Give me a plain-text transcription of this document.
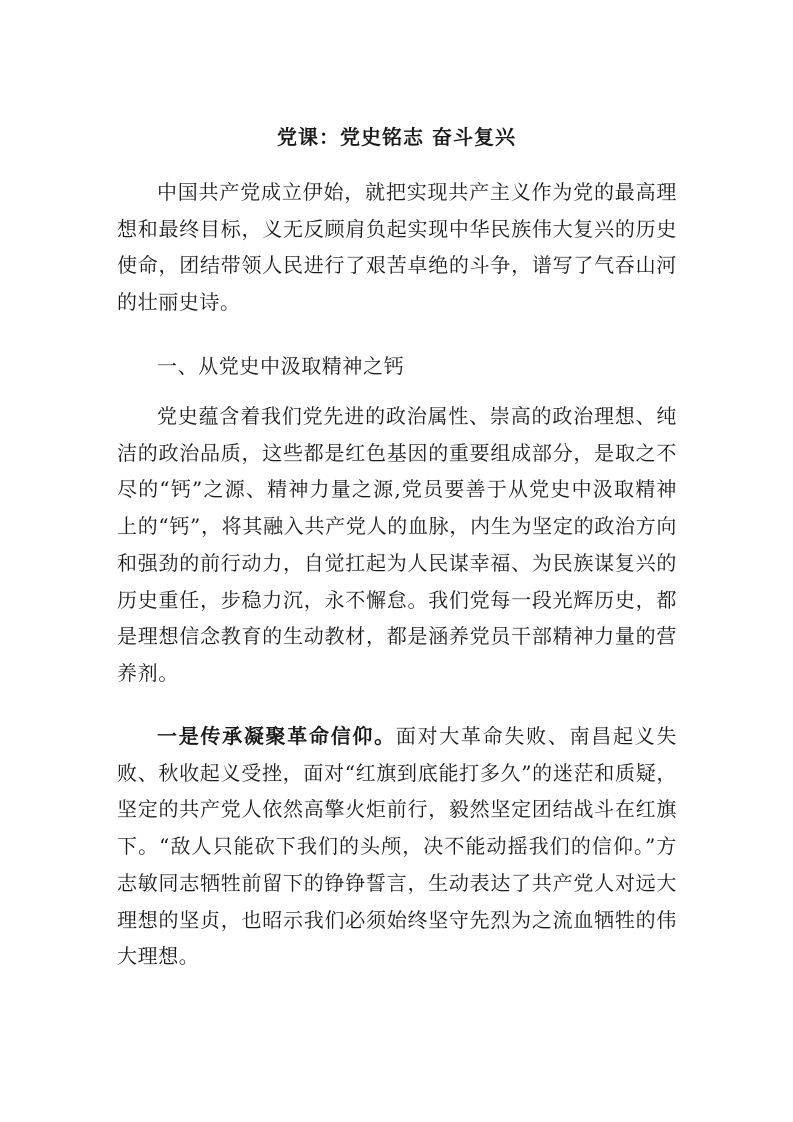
党课：党史铭志 奋斗复兴

中国共产党成立伊始，就把实现共产主义作为党的最高理想和最终目标，义无反顾肩负起实现中华民族伟大复兴的历史使命，团结带领人民进行了艰苦卓绝的斗争，谱写了气吞山河的壮丽史诗。

一、从党史中汲取精神之钙

党史蕴含着我们党先进的政治属性、崇高的政治理想、纯洁的政治品质，这些都是红色基因的重要组成部分，是取之不尽的“钙”之源、精神力量之源,党员要善于从党史中汲取精神上的“钙”，将其融入共产党人的血脉，内生为坚定的政治方向和强劲的前行动力，自觉扛起为人民谋幸福、为民族谋复兴的历史重任，步稳力沉，永不懈怠。我们党每一段光辉历史，都是理想信念教育的生动教材，都是涵养党员干部精神力量的营养剂。

一是传承凝聚革命信仰。面对大革命失败、南昌起义失败、秋收起义受挫，面对“红旗到底能打多久”的迷茫和质疑，坚定的共产党人依然高擎火炬前行，毅然坚定团结战斗在红旗下。“敌人只能砍下我们的头颅，决不能动摇我们的信仰。”方志敏同志牺牲前留下的铮铮誓言，生动表达了共产党人对远大理想的坚贞，也昭示我们必须始终坚守先烈为之流血牺牲的伟大理想。
